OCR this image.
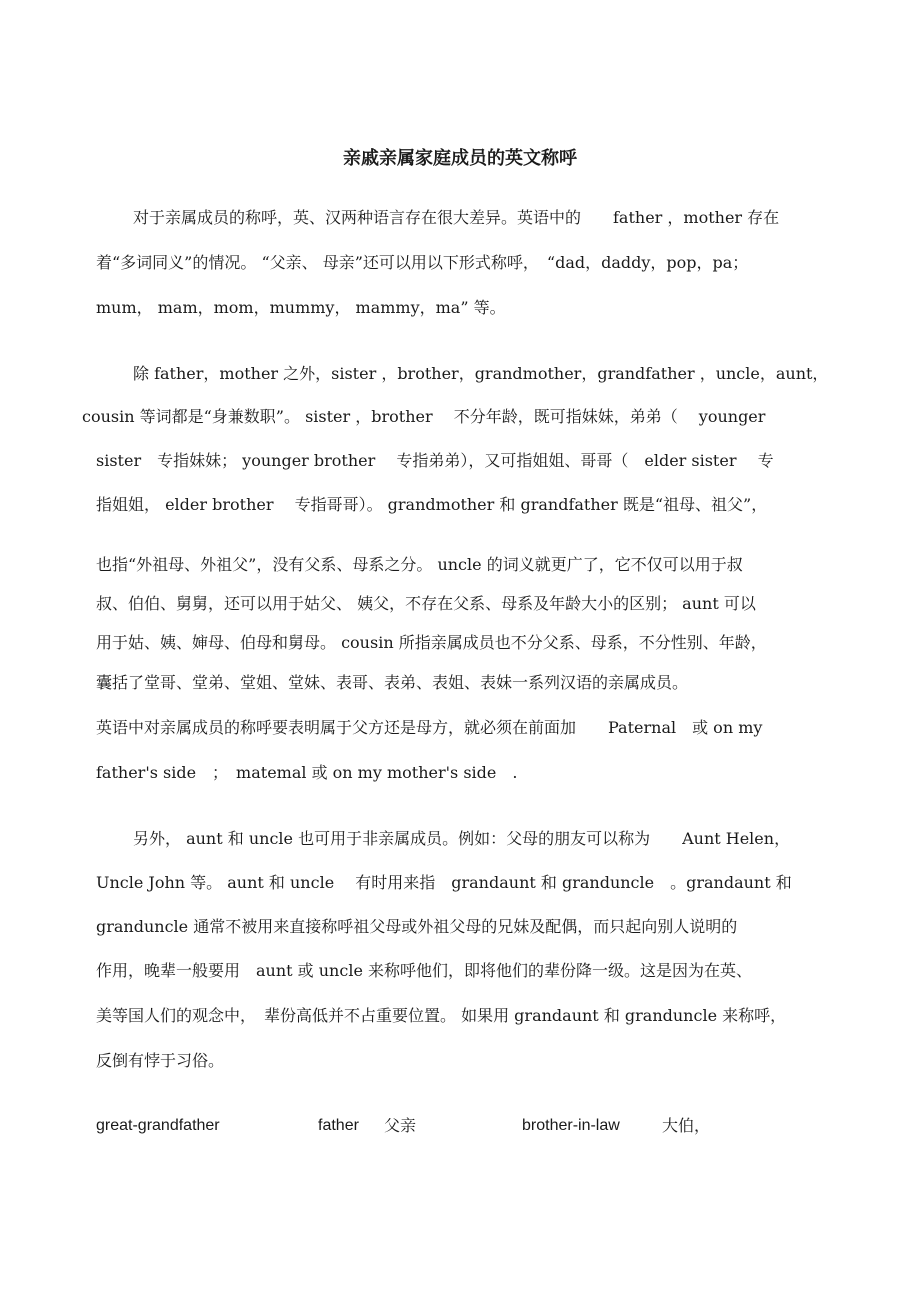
亲戚亲属家庭成员的英文称呼

对于亲属成员的称呼，英、汉两种语言存在很大差异。英语中的　　father ，mother 存在

着“多词同义”的情况。 “父亲、 母亲”还可以用以下形式称呼，　“dad，daddy，pop，pa；

mum， mam，mom，mummy， mammy，ma” 等。

除 father，mother 之外，sister ，brother，grandmother，grandfather ，uncle，aunt，

cousin 等词都是“身兼数职”。 sister ，brother　 不分年龄，既可指妹妹，弟弟（　 younger

sister　专指妹妹； younger brother　 专指弟弟），又可指姐姐、哥哥（　elder sister　 专

指姐姐， elder brother　 专指哥哥）。 grandmother 和 grandfather 既是“祖母、祖父”，

也指“外祖母、外祖父”，没有父系、母系之分。 uncle 的词义就更广了，它不仅可以用于叔

叔、伯伯、舅舅，还可以用于姑父、 姨父，不存在父系、母系及年龄大小的区别； aunt 可以

用于姑、姨、婶母、伯母和舅母。 cousin 所指亲属成员也不分父系、母系，不分性别、年龄，

囊括了堂哥、堂弟、堂姐、堂妹、表哥、表弟、表姐、表妹一系列汉语的亲属成员。

英语中对亲属成员的称呼要表明属于父方还是母方，就必须在前面加　　Paternal　或 on my

father's side　；　matemal 或 on my mother's side　.

另外， aunt 和 uncle 也可用于非亲属成员。例如：父母的朋友可以称为　　Aunt Helen，

Uncle John 等。 aunt 和 uncle　 有时用来指　grandaunt 和 granduncle　。grandaunt 和

granduncle 通常不被用来直接称呼祖父母或外祖父母的兄妹及配偶，而只起向别人说明的

作用，晚辈一般要用　aunt 或 uncle 来称呼他们，即将他们的辈份降一级。这是因为在英、

美等国人们的观念中，　辈份高低并不占重要位置。 如果用 grandaunt 和 granduncle 来称呼，

反倒有悖于习俗。

great-grandfather	father 父亲	brother-in-law	大伯，
